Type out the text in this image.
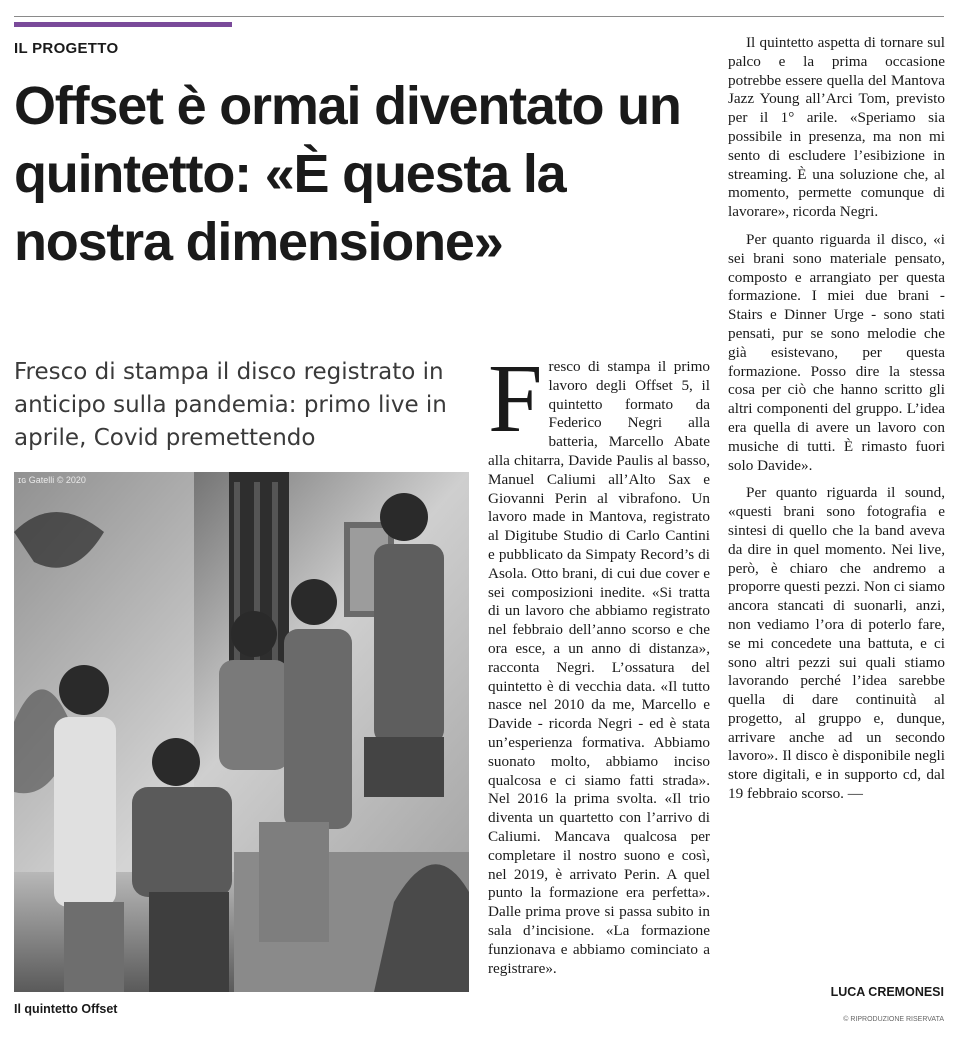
IL PROGETTO
Offset è ormai diventato un quintetto: «È questa la nostra dimensione»
Fresco di stampa il disco registrato in anticipo sulla pandemia: primo live in aprile, Covid premettendo
ɪɢ Gatelli © 2020
Il quintetto Offset

Fresco di stampa il primo lavoro degli Offset 5, il quintetto formato da Federico Negri alla batteria, Marcello Abate alla chitarra, Davide Paulis al basso, Manuel Caliumi all’Alto Sax e Giovanni Perin al vibrafono. Un lavoro made in Mantova, registrato al Digitube Studio di Carlo Cantini e pubblicato da Simpaty Record’s di Asola. Otto brani, di cui due cover e sei composizioni inedite. «Si tratta di un lavoro che abbiamo registrato nel febbraio dell’anno scorso e che ora esce, a un anno di distanza», racconta Negri. L’ossatura del quintetto è di vecchia data. «Il tutto nasce nel 2010 da me, Marcello e Davide - ricorda Negri - ed è stata un’esperienza formativa. Abbiamo suonato molto, abbiamo inciso qualcosa e ci siamo fatti strada». Nel 2016 la prima svolta. «Il trio diventa un quartetto con l’arrivo di Caliumi. Mancava qualcosa per completare il nostro suono e così, nel 2019, è arrivato Perin. A quel punto la formazione era perfetta». Dalle prima prove si passa subito in sala d’incisione. «La formazione funzionava e abbiamo cominciato a registrare».

Il quintetto aspetta di tornare sul palco e la prima occasione potrebbe essere quella del Mantova Jazz Young all’Arci Tom, previsto per il 1° arile. «Speriamo sia possibile in presenza, ma non mi sento di escludere l’esibizione in streaming. È una soluzione che, al momento, permette comunque di lavorare», ricorda Negri.

Per quanto riguarda il disco, «i sei brani sono materiale pensato, composto e arrangiato per questa formazione. I miei due brani - Stairs e Dinner Urge - sono stati pensati, pur se sono melodie che già esistevano, per questa formazione. Posso dire la stessa cosa per ciò che hanno scritto gli altri componenti del gruppo. L’idea era quella di avere un lavoro con musiche di tutti. È rimasto fuori solo Davide».

Per quanto riguarda il sound, «questi brani sono fotografia e sintesi di quello che la band aveva da dire in quel momento. Nei live, però, è chiaro che andremo a proporre questi pezzi. Non ci siamo ancora stancati di suonarli, anzi, non vediamo l’ora di poterlo fare, se mi concedete una battuta, e ci sono altri pezzi sui quali stiamo lavorando perché l’idea sarebbe quella di dare continuità al progetto, al gruppo e, dunque, arrivare anche ad un secondo lavoro». Il disco è disponibile negli store digitali, e in supporto cd, dal 19 febbraio scorso. —

LUCA CREMONESI
© RIPRODUZIONE RISERVATA
